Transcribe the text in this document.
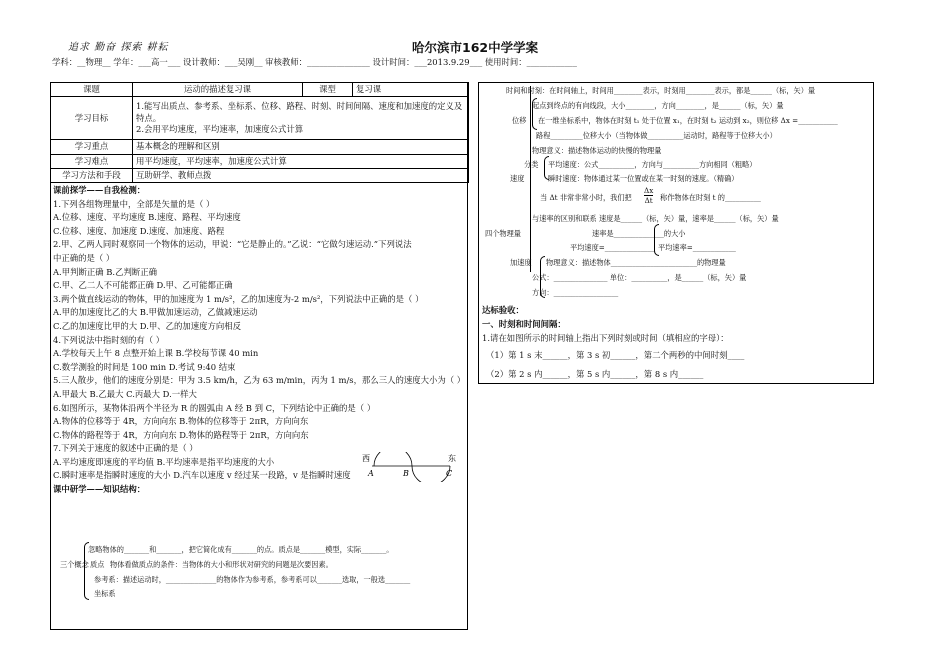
追求 勤奋 探索 耕耘	哈尔滨市162中学学案
学科：__物理__ 学年：___高一___ 设计教师：___吴刚__ 审核教师：_______________ 设计时间：___2013.9.29___ 使用时间：____________
课题	运动的描述复习课	课型	复习课
学习目标	1.能写出质点、参考系、坐标系、位移、路程、时刻、时间间隔、速度和加速度的定义及特点。
2.会用平均速度，平均速率，加速度公式计算		

学习重点	基本概念的理解和区别		
学习难点	用平均速度，平均速率，加速度公式计算		
学习方法和手段	互助研学、教师点拨		
课前探学——自我检测：
1.下列各组物理量中，全部是矢量的是（ ）
A.位移、速度、平均速度 B.速度、路程、平均速度
C.位移、速度、加速度 D.速度、加速度、路程
2.甲、乙两人同时观察同一个物体的运动，甲说：“它是静止的。”乙说：“它做匀速运动.”下列说法
中正确的是（ ）
A.甲判断正确 B.乙判断正确
C.甲、乙二人不可能都正确 D.甲、乙可能都正确
3.两个做直线运动的物体，甲的加速度为 1 m/s²，乙的加速度为-2 m/s²，下列说法中正确的是（ ）
A.甲的加速度比乙的大 B.甲做加速运动，乙做减速运动
C.乙的加速度比甲的大 D.甲、乙的加速度方向相反
4.下列说法中指时刻的有（ ）
A.学校每天上午 8 点整开始上课 B.学校每节课 40 min
C.数学测验的时间是 100 min D.考试 9:40 结束
5.三人散步，他们的速度分别是：甲为 3.5 km/h，乙为 63 m/min，丙为 1 m/s，那么三人的速度大小为（ ）
A.甲最大 B.乙最大 C.丙最大 D.一样大
6.如图所示，某物体沿两个半径为 R 的圆弧由 A 经 B 到 C，下列结论中正确的是（ ）
A.物体的位移等于 4R，方向向东 B.物体的位移等于 2πR，方向向东
C.物体的路程等于 4R，方向向东 D.物体的路程等于 2πR，方向向东
7.下列关于速度的叙述中正确的是（ ）
A.平均速度即速度的平均值 B.平均速率是指平均速度的大小
C.瞬时速率是指瞬时速度的大小 D.汽车以速度 v 经过某一段路，v 是指瞬时速度
课中研学——知识结构：
西	东
A	B	C
忽略物体的_______和_______，把它简化成有_______的点。质点是_______模型，实际_______。
三个概念 质点 物体看做质点的条件：当物体的大小和形状对研究的问题是次要因素。
参考系：描述运动时，______________的物体作为参考系，参考系可以_______选取，一般选_______
坐标系
时间和时刻：在时间轴上，时间用________表示，时刻用________表示，都是______（标，矢）量
起点到终点的有向线段，大小________，方向________，是______（标，矢）量
位移 在一维坐标系中，物体在时刻 t₁ 处于位置 x₁，在时刻 t₂ 运动到 x₂，则位移 Δx =___________
路程_________位移大小（当物体做__________运动时，路程等于位移大小）
物理意义：描述物体运动的快慢的物理量
分类 平均速度：公式__________，方向与__________方向相同（粗略）
速度	瞬时速度：物体通过某一位置或在某一时刻的速度。（精确）
当 Δt 非常非常小时，我们把 $\frac{\Delta x}{\Delta t}$ 称作物体在时刻 t 的__________
与速率的区别和联系 速度是______（标，矢）量，速率是______（标，矢）量
四个物理量	速率是______________的大小
平均速度=______________ 平均速率=____________
加速度 物理意义：描述物体________________________的物理量
公式：_______________ 单位：__________，是______（标，矢）量
方向：__________________
达标验收：
一、时刻和时间间隔：
1.请在如图所示的时间轴上指出下列时刻或时间（填相应的字母）：
（1）第 1 s 末______，第 3 s 初______，第二个两秒的中间时刻____
（2）第 2 s 内______，第 5 s 内______，第 8 s 内______
